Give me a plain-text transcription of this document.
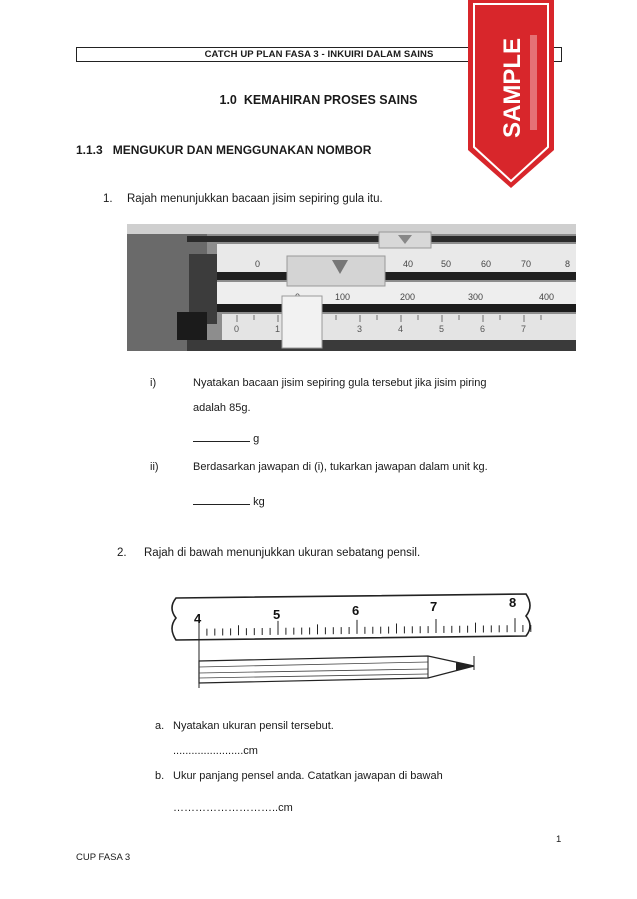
CATCH UP PLAN FASA 3 - INKUIRI DALAM SAINS	SAMPLE
1.0 KEMAHIRAN PROSES SAINS
1.1.3 MENGUKUR DAN MENGGUNAKAN NOMBOR
1. Rajah menunjukkan bacaan jisim sepiring gula itu.
0	40	50	60	70	8
100	200	300	400
0	1	3	4	5	6	7
i)	Nyatakan bacaan jisim sepiring gula tersebut jika jisim piring
adalah 85g.
g
ii)	Berdasarkan jawapan di (i), tukarkan jawapan dalam unit kg.
kg
2. Rajah di bawah menunjukkan ukuran sebatang pensil.
4	5	6	7	8
a. Nyatakan ukuran pensil tersebut.
.......................cm
b. Ukur panjang pensel anda. Catatkan jawapan di bawah
………………………..cm
1
CUP FASA 3
